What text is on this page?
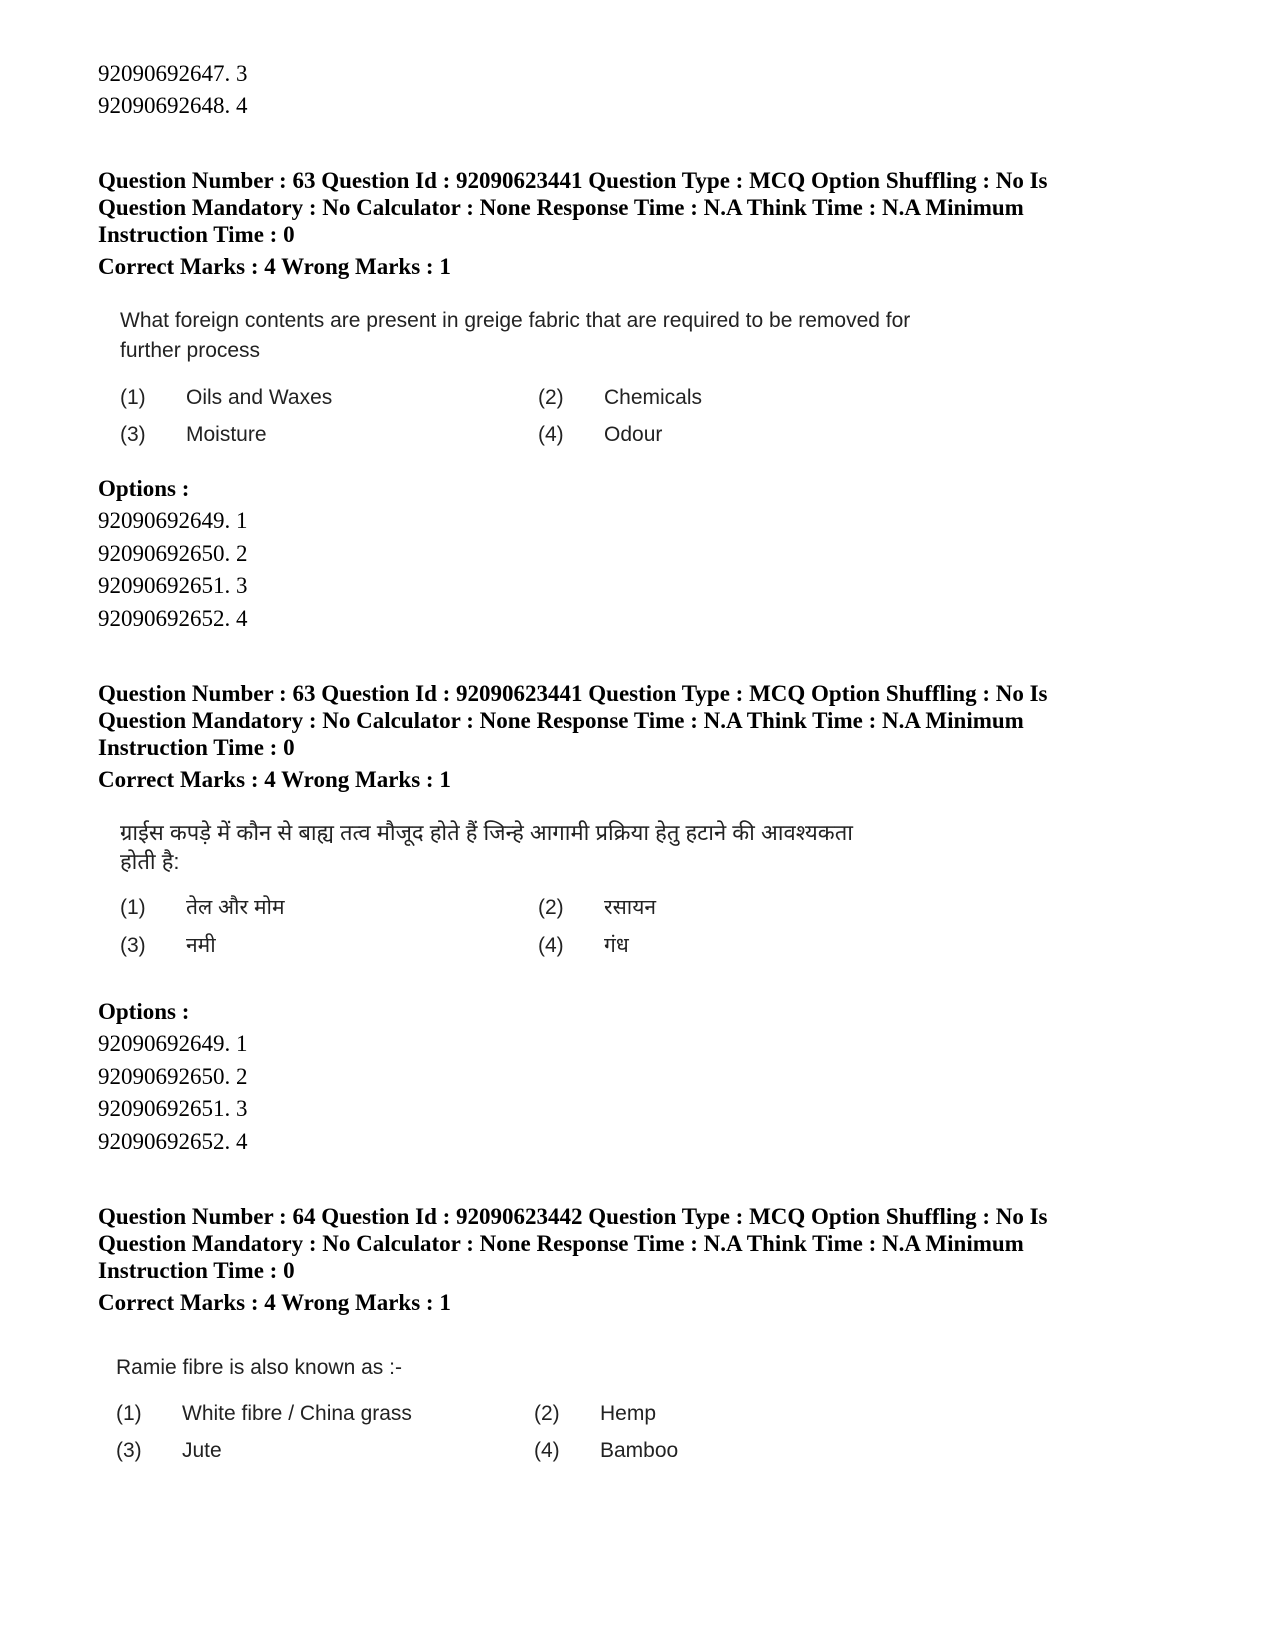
92090692647. 3
92090692648. 4
Question Number : 63 Question Id : 92090623441 Question Type : MCQ Option Shuffling : No Is
Question Mandatory : No Calculator : None Response Time : N.A Think Time : N.A Minimum
Instruction Time : 0
Correct Marks : 4 Wrong Marks : 1
What foreign contents are present in greige fabric that are required to be removed for
further process
(1) Oils and Waxes	(2) Chemicals
(3) Moisture	(4) Odour
Options :
92090692649. 1
92090692650. 2
92090692651. 3
92090692652. 4
Question Number : 63 Question Id : 92090623441 Question Type : MCQ Option Shuffling : No Is
Question Mandatory : No Calculator : None Response Time : N.A Think Time : N.A Minimum
Instruction Time : 0
Correct Marks : 4 Wrong Marks : 1
ग्राईस कपड़े में कौन से बाह्य तत्व मौजूद होते हैं जिन्हे आगामी प्रक्रिया हेतु हटाने की आवश्यकता
होती है:
(1) तेल और मोम	(2) रसायन
(3) नमी	(4) गंध
Options :
92090692649. 1
92090692650. 2
92090692651. 3
92090692652. 4
Question Number : 64 Question Id : 92090623442 Question Type : MCQ Option Shuffling : No Is
Question Mandatory : No Calculator : None Response Time : N.A Think Time : N.A Minimum
Instruction Time : 0
Correct Marks : 4 Wrong Marks : 1
Ramie fibre is also known as :-
(1) White fibre / China grass	(2) Hemp
(3) Jute	(4) Bamboo
